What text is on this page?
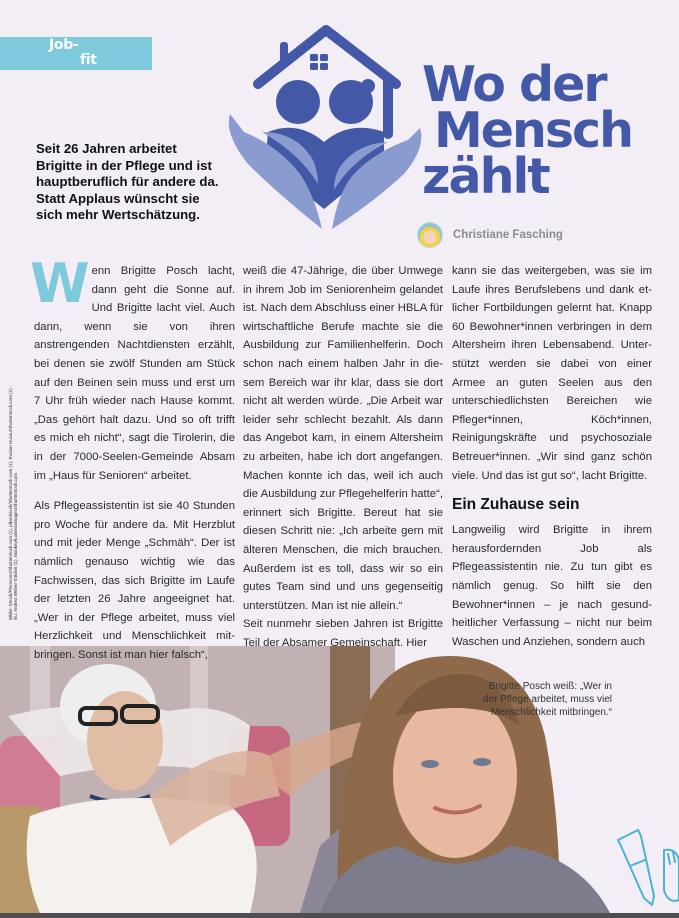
Job-
fit	Wo der
Mensch
zählt
Christiane Fasching

Seit 26 Jahren arbeitet Brigitte in der Pflege und ist hauptberuflich für andere da. Statt Applaus wünscht sie sich mehr Wertschätzung.

W enn Brigitte Posch lacht, dann geht die Sonne auf. Und Brigitte lacht viel. Auch dann, wenn sie von ihren anstrengenden Nachtdiensten erzählt, bei denen sie zwölf Stunden am Stück auf den Beinen sein muss und erst um 7 Uhr früh wieder nach Hause kommt. „Das gehört halt dazu. Und so oft trifft es mich eh nicht“, sagt die Tirolerin, die in der 7000-Seelen-Gemeinde Absam im „Haus für Senioren“ arbeitet.

Als Pflegeassistentin ist sie 40 Stunden pro Woche für andere da. Mit Herzblut und mit jeder Menge „Schmäh“. Der ist nämlich genauso wichtig wie das Fachwissen, das sich Brigitte im Laufe der letzten 26 Jahre angeeignet hat. „Wer in der Pflege arbeitet, muss viel Herzlichkeit und Menschlichkeit mitbringen. Sonst ist man hier falsch“,

weiß die 47-Jährige, die über Umwege in ihrem Job im Seniorenheim gelandet ist. Nach dem Abschluss einer HBLA für wirtschaftliche Berufe machte sie die Ausbildung zur Familienhelferin. Doch schon nach einem halben Jahr in diesem Bereich war ihr klar, dass sie dort nicht alt werden würde. „Die Arbeit war leider sehr schlecht bezahlt. Als dann das Angebot kam, in einem Altersheim zu arbeiten, habe ich dort angefangen. Machen konnte ich das, weil ich auch die Ausbildung zur Pflegehelferin hatte“, erinnert sich Brigitte. Bereut hat sie diesen Schritt nie: „Ich arbeite gern mit älteren Menschen, die mich brauchen. Außerdem ist es toll, dass wir so ein gutes Team sind und uns gegenseitig unterstützen. Man ist nie allein.“

Seit nunmehr sieben Jahren ist Brigitte Teil der Absamer Gemeinschaft. Hier

kann sie das weitergeben, was sie im Laufe ihres Berufslebens und dank etlicher Fortbildungen gelernt hat. Knapp 60 Bewohner*innen verbringen in dem Altersheim ihren Lebensabend. Unterstützt werden sie dabei von einer Armee an guten Seelen aus den unterschiedlichsten Bereichen wie Pfleger*innen, Köch*innen, Reinigungskräfte und psychosoziale Betreuer*innen. „Wir sind ganz schön viele. Und das ist gut so“, lacht Brigitte.

Ein Zuhause sein

Langweilig wird Brigitte in ihrem herausfordernden Job als Pflegeassistentin nie. Zu tun gibt es nämlich genug. So hilft sie den Bewohner*innen – je nach gesundheitlicher Verfassung – nicht nur beim Waschen und Anziehen, sondern auch

Bilder: iStock/Photocreo/Shutterstock.com (1), pikselstock/Shutterstock.com (1), Ruslan Huzau/Shutterstock.com (1) · Illu: Andrea Weber-Stricker (1), Monkeybusinessimages/Shutterstock.com
Brigitte Posch weiß: „Wer in der Pflege arbeitet, muss viel Menschlichkeit mitbringen.“
